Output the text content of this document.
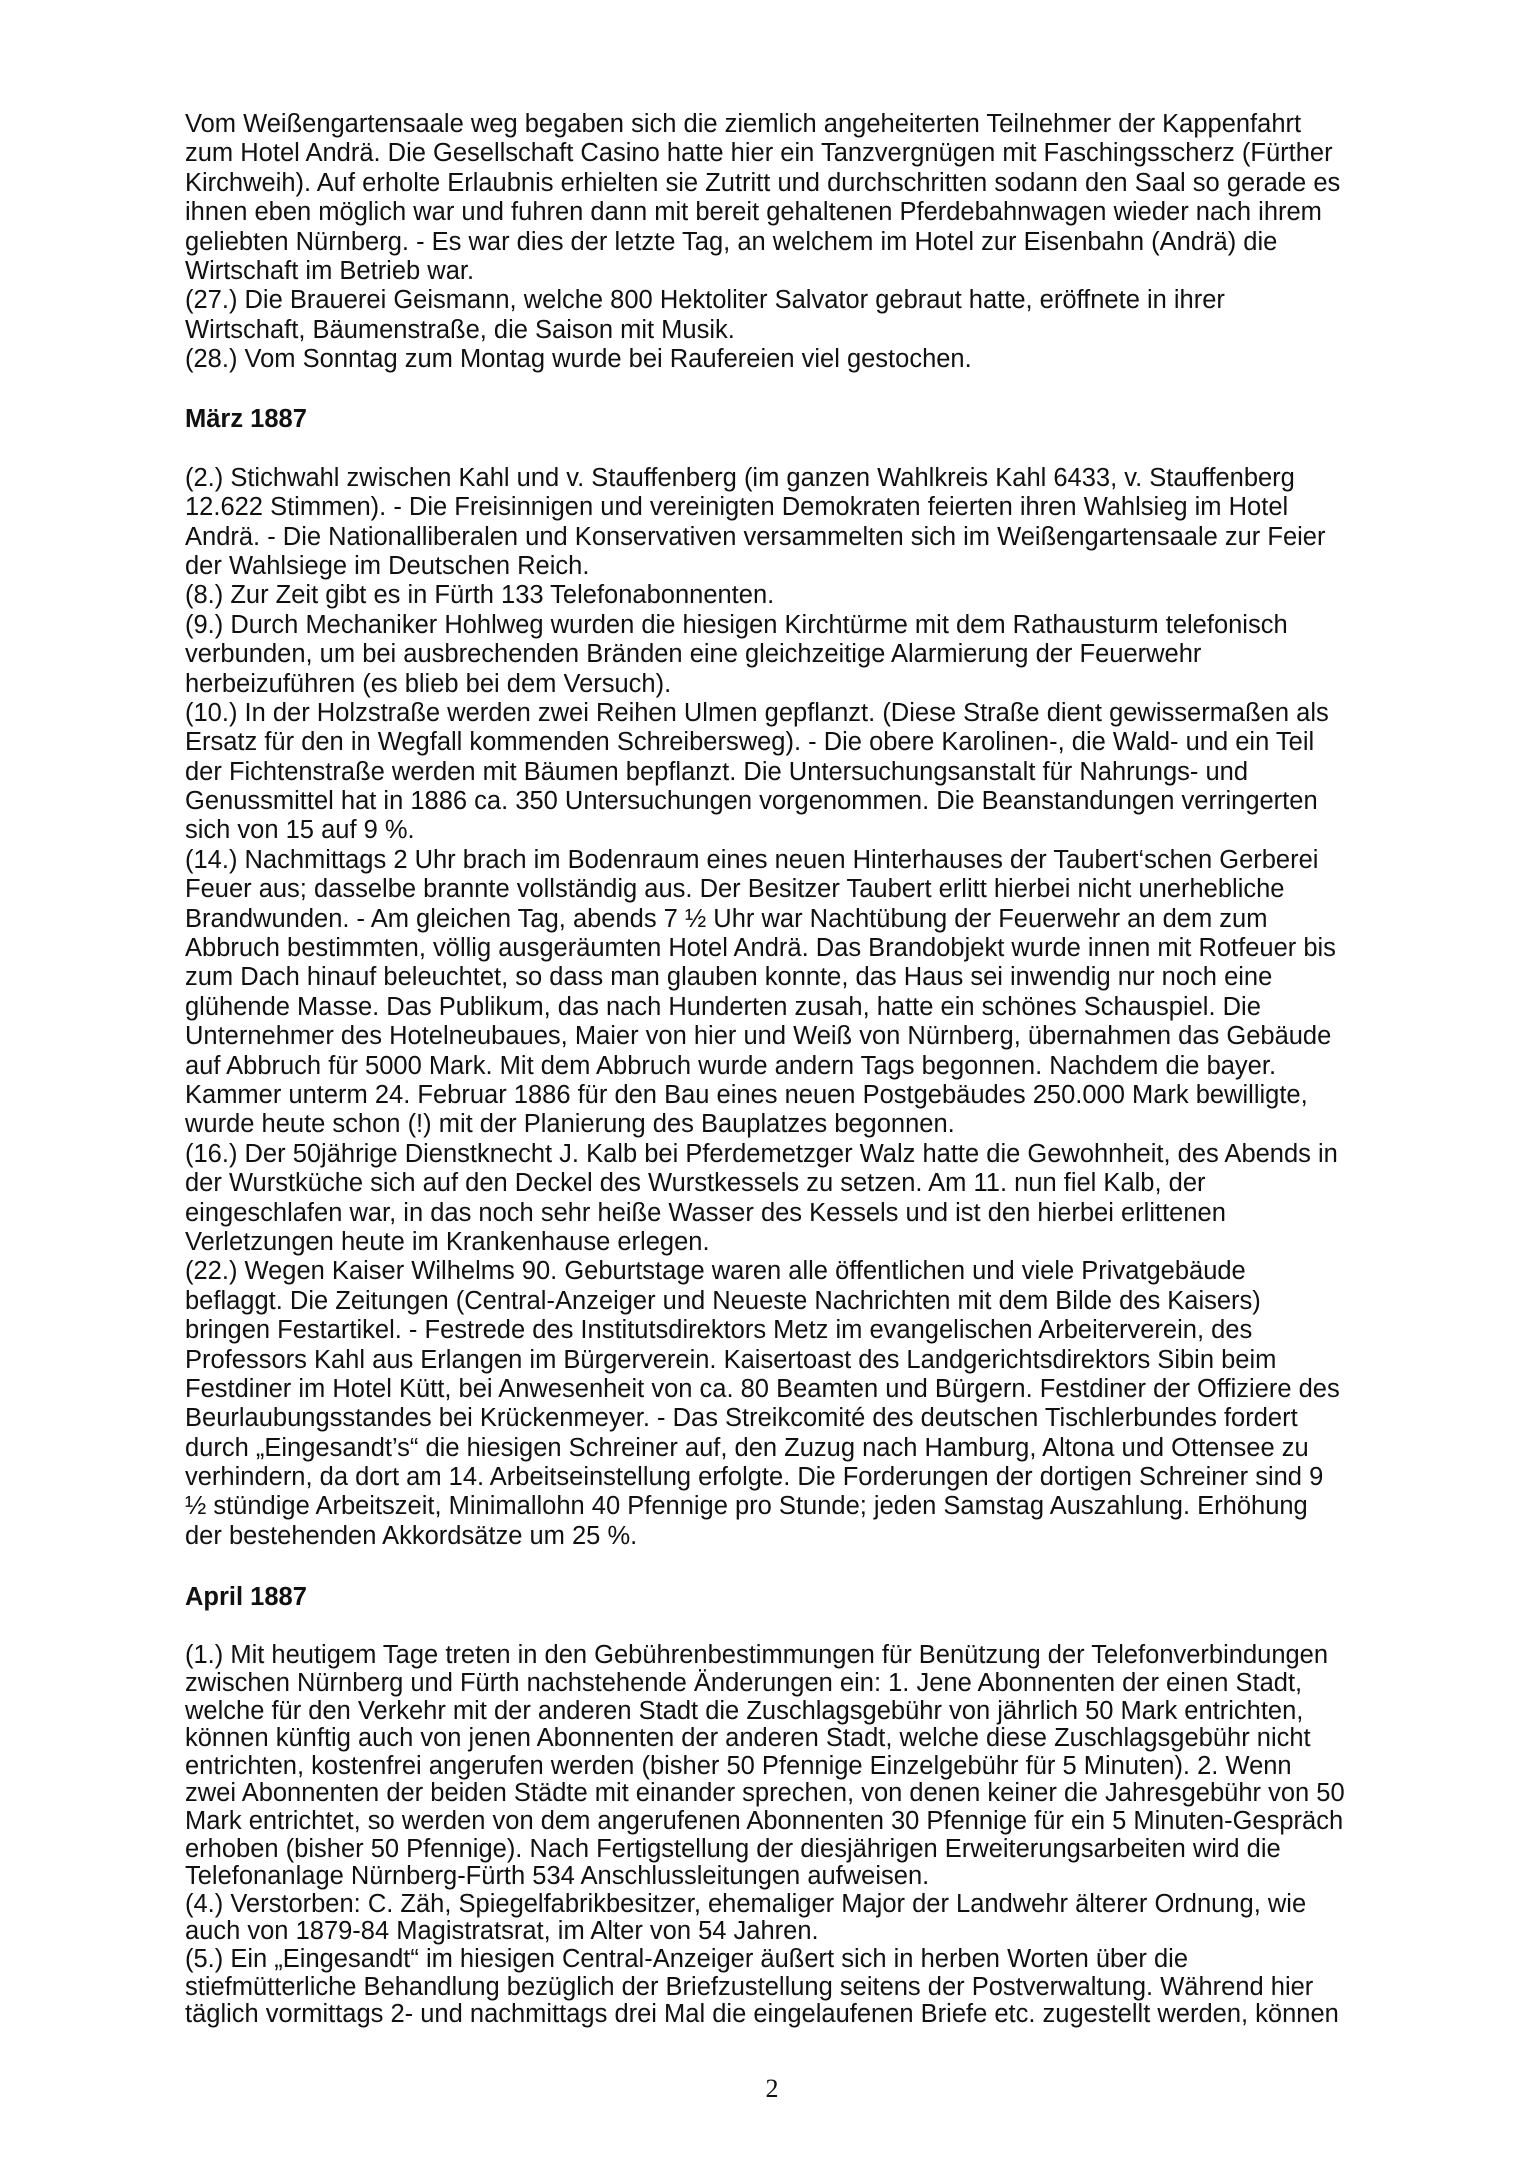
Vom Weißengartensaale weg begaben sich die ziemlich angeheiterten Teilnehmer der Kappenfahrt
zum Hotel Andrä. Die Gesellschaft Casino hatte hier ein Tanzvergnügen mit Faschingsscherz (Fürther
Kirchweih). Auf erholte Erlaubnis erhielten sie Zutritt und durchschritten sodann den Saal so gerade es
ihnen eben möglich war und fuhren dann mit bereit gehaltenen Pferdebahnwagen wieder nach ihrem
geliebten Nürnberg. - Es war dies der letzte Tag, an welchem im Hotel zur Eisenbahn (Andrä) die
Wirtschaft im Betrieb war.
(27.) Die Brauerei Geismann, welche 800 Hektoliter Salvator gebraut hatte, eröffnete in ihrer
Wirtschaft, Bäumenstraße, die Saison mit Musik.
(28.) Vom Sonntag zum Montag wurde bei Raufereien viel gestochen.
März 1887
(2.) Stichwahl zwischen Kahl und v. Stauffenberg (im ganzen Wahlkreis Kahl 6433, v. Stauffenberg
12.622 Stimmen). - Die Freisinnigen und vereinigten Demokraten feierten ihren Wahlsieg im Hotel
Andrä. - Die Nationalliberalen und Konservativen versammelten sich im Weißengartensaale zur Feier
der Wahlsiege im Deutschen Reich.
(8.) Zur Zeit gibt es in Fürth 133 Telefonabonnenten.
(9.) Durch Mechaniker Hohlweg wurden die hiesigen Kirchtürme mit dem Rathausturm telefonisch
verbunden, um bei ausbrechenden Bränden eine gleichzeitige Alarmierung der Feuerwehr
herbeizuführen (es blieb bei dem Versuch).
(10.) In der Holzstraße werden zwei Reihen Ulmen gepflanzt. (Diese Straße dient gewissermaßen als
Ersatz für den in Wegfall kommenden Schreibersweg). - Die obere Karolinen-, die Wald- und ein Teil
der Fichtenstraße werden mit Bäumen bepflanzt. Die Untersuchungsanstalt für Nahrungs- und
Genussmittel hat in 1886 ca. 350 Untersuchungen vorgenommen. Die Beanstandungen verringerten
sich von 15 auf 9 %.
(14.) Nachmittags 2 Uhr brach im Bodenraum eines neuen Hinterhauses der Taubert‘schen Gerberei
Feuer aus; dasselbe brannte vollständig aus. Der Besitzer Taubert erlitt hierbei nicht unerhebliche
Brandwunden. - Am gleichen Tag, abends 7 ½ Uhr war Nachtübung der Feuerwehr an dem zum
Abbruch bestimmten, völlig ausgeräumten Hotel Andrä. Das Brandobjekt wurde innen mit Rotfeuer bis
zum Dach hinauf beleuchtet, so dass man glauben konnte, das Haus sei inwendig nur noch eine
glühende Masse. Das Publikum, das nach Hunderten zusah, hatte ein schönes Schauspiel. Die
Unternehmer des Hotelneubaues, Maier von hier und Weiß von Nürnberg, übernahmen das Gebäude
auf Abbruch für 5000 Mark. Mit dem Abbruch wurde andern Tags begonnen. Nachdem die bayer.
Kammer unterm 24. Februar 1886 für den Bau eines neuen Postgebäudes 250.000 Mark bewilligte,
wurde heute schon (!) mit der Planierung des Bauplatzes begonnen.
(16.) Der 50jährige Dienstknecht J. Kalb bei Pferdemetzger Walz hatte die Gewohnheit, des Abends in
der Wurstküche sich auf den Deckel des Wurstkessels zu setzen. Am 11. nun fiel Kalb, der
eingeschlafen war, in das noch sehr heiße Wasser des Kessels und ist den hierbei erlittenen
Verletzungen heute im Krankenhause erlegen.
(22.) Wegen Kaiser Wilhelms 90. Geburtstage waren alle öffentlichen und viele Privatgebäude
beflaggt. Die Zeitungen (Central-Anzeiger und Neueste Nachrichten mit dem Bilde des Kaisers)
bringen Festartikel. - Festrede des Institutsdirektors Metz im evangelischen Arbeiterverein, des
Professors Kahl aus Erlangen im Bürgerverein. Kaisertoast des Landgerichtsdirektors Sibin beim
Festdiner im Hotel Kütt, bei Anwesenheit von ca. 80 Beamten und Bürgern. Festdiner der Offiziere des
Beurlaubungsstandes bei Krückenmeyer. - Das Streikcomité des deutschen Tischlerbundes fordert
durch „Eingesandt’s“ die hiesigen Schreiner auf, den Zuzug nach Hamburg, Altona und Ottensee zu
verhindern, da dort am 14. Arbeitseinstellung erfolgte. Die Forderungen der dortigen Schreiner sind 9
½ stündige Arbeitszeit, Minimallohn 40 Pfennige pro Stunde; jeden Samstag Auszahlung. Erhöhung
der bestehenden Akkordsätze um 25 %.
April 1887
(1.) Mit heutigem Tage treten in den Gebührenbestimmungen für Benützung der Telefonverbindungen
zwischen Nürnberg und Fürth nachstehende Änderungen ein: 1. Jene Abonnenten der einen Stadt,
welche für den Verkehr mit der anderen Stadt die Zuschlagsgebühr von jährlich 50 Mark entrichten,
können künftig auch von jenen Abonnenten der anderen Stadt, welche diese Zuschlagsgebühr nicht
entrichten, kostenfrei angerufen werden (bisher 50 Pfennige Einzelgebühr für 5 Minuten). 2. Wenn
zwei Abonnenten der beiden Städte mit einander sprechen, von denen keiner die Jahresgebühr von 50
Mark entrichtet, so werden von dem angerufenen Abonnenten 30 Pfennige für ein 5 Minuten-Gespräch
erhoben (bisher 50 Pfennige). Nach Fertigstellung der diesjährigen Erweiterungsarbeiten wird die
Telefonanlage Nürnberg-Fürth 534 Anschlussleitungen aufweisen.
(4.) Verstorben: C. Zäh, Spiegelfabrikbesitzer, ehemaliger Major der Landwehr älterer Ordnung, wie
auch von 1879-84 Magistratsrat, im Alter von 54 Jahren.
(5.) Ein „Eingesandt“ im hiesigen Central-Anzeiger äußert sich in herben Worten über die
stiefmütterliche Behandlung bezüglich der Briefzustellung seitens der Postverwaltung. Während hier
täglich vormittags 2- und nachmittags drei Mal die eingelaufenen Briefe etc. zugestellt werden, können
2
